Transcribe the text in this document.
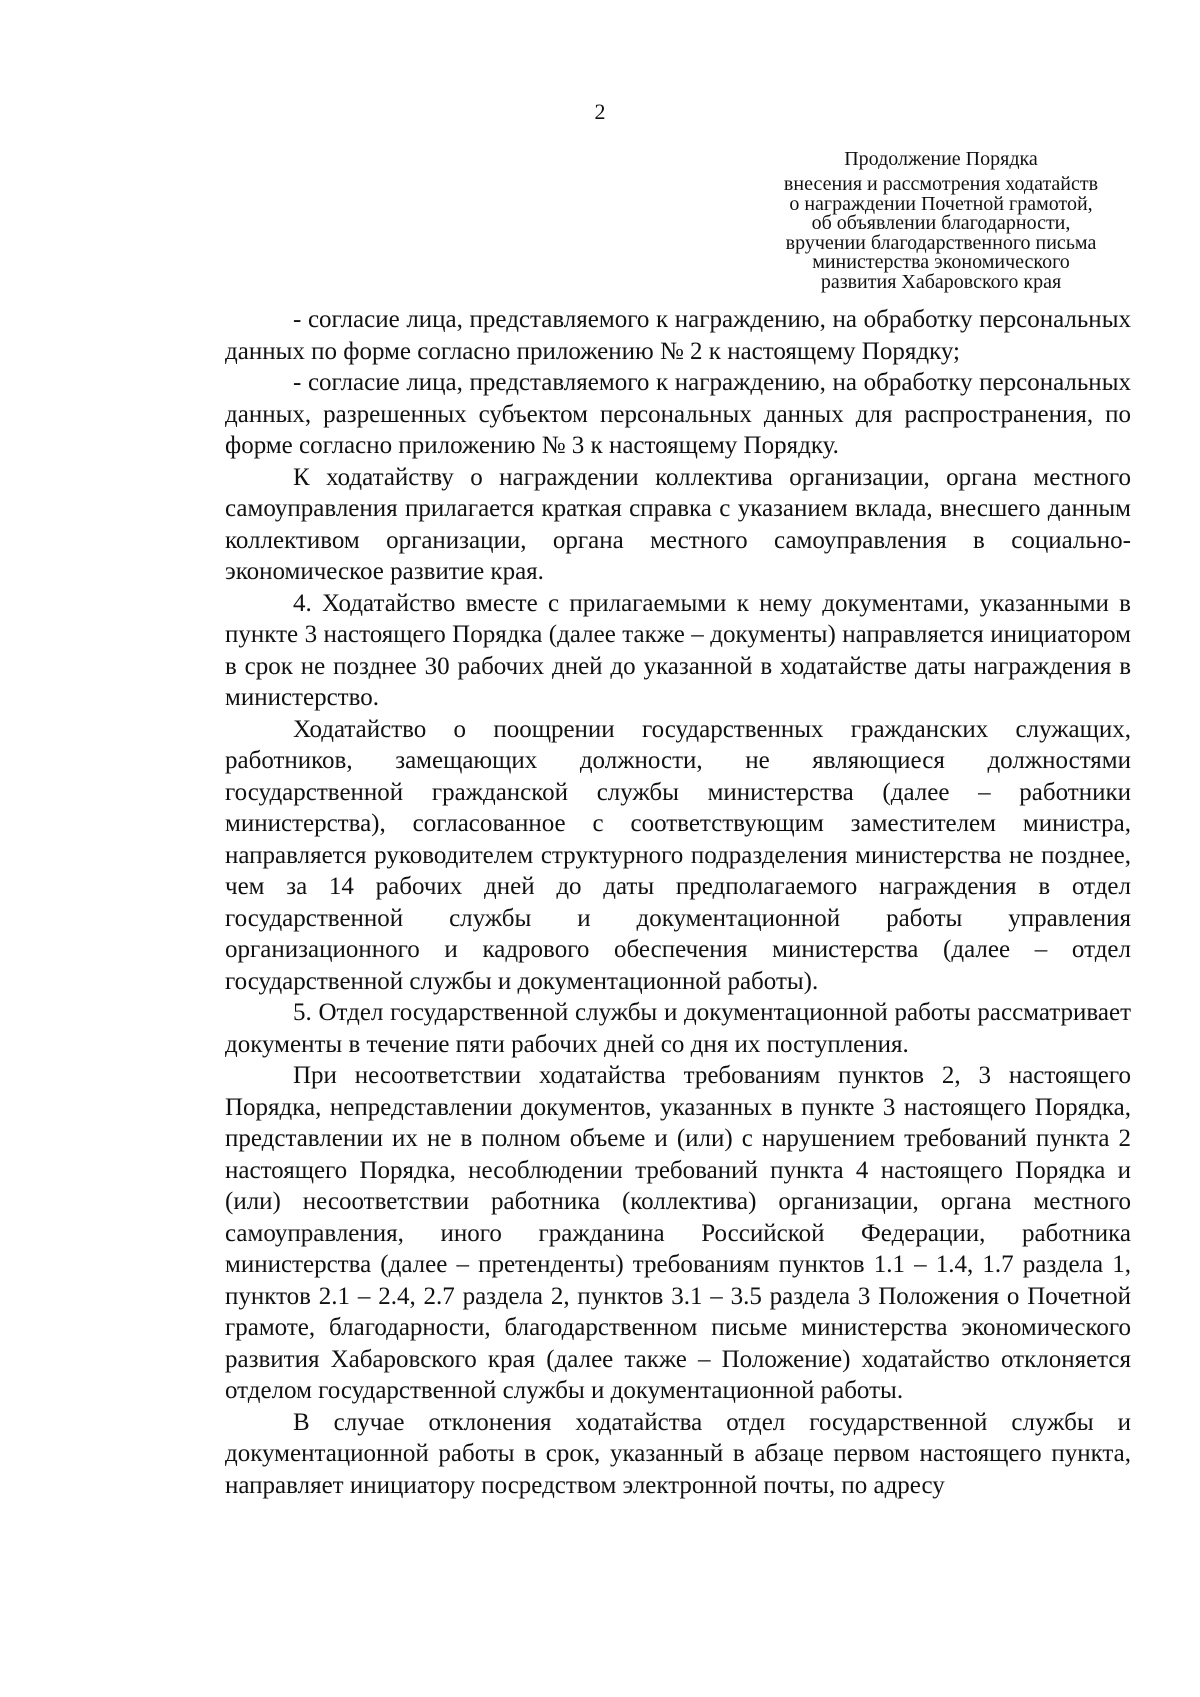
2
Продолжение Порядка
внесения и рассмотрения ходатайств
о награждении Почетной грамотой,
об объявлении благодарности,
вручении благодарственного письма
министерства экономического
развития Хабаровского края

- согласие лица, представляемого к награждению, на обработку персональных данных по форме согласно приложению № 2 к настоящему Порядку;

- согласие лица, представляемого к награждению, на обработку персональных данных, разрешенных субъектом персональных данных для распространения, по форме согласно приложению № 3 к настоящему Порядку.

К ходатайству о награждении коллектива организации, органа местного самоуправления прилагается краткая справка с указанием вклада, внесшего данным коллективом организации, органа местного самоуправления в социально-экономическое развитие края.

4. Ходатайство вместе с прилагаемыми к нему документами, указанными в пункте 3 настоящего Порядка (далее также – документы) направляется инициатором в срок не позднее 30 рабочих дней до указанной в ходатайстве даты награждения в министерство.

Ходатайство о поощрении государственных гражданских служащих, работников, замещающих должности, не являющиеся должностями государственной гражданской службы министерства (далее – работники министерства), согласованное с соответствующим заместителем министра, направляется руководителем структурного подразделения министерства не позднее, чем за 14 рабочих дней до даты предполагаемого награждения в отдел государственной службы и документационной работы управления организационного и кадрового обеспечения министерства (далее – отдел государственной службы и документационной работы).

5. Отдел государственной службы и документационной работы рассматривает документы в течение пяти рабочих дней со дня их поступления.

При несоответствии ходатайства требованиям пунктов 2, 3 настоящего Порядка, непредставлении документов, указанных в пункте 3 настоящего Порядка, представлении их не в полном объеме и (или) с нарушением требований пункта 2 настоящего Порядка, несоблюдении требований пункта 4 настоящего Порядка и (или) несоответствии работника (коллектива) организации, органа местного самоуправления, иного гражданина Российской Федерации, работника министерства (далее – претенденты) требованиям пунктов 1.1 – 1.4, 1.7 раздела 1, пунктов 2.1 – 2.4, 2.7 раздела 2, пунктов 3.1 – 3.5 раздела 3 Положения о Почетной грамоте, благодарности, благодарственном письме министерства экономического развития Хабаровского края (далее также – Положение) ходатайство отклоняется отделом государственной службы и документационной работы.

В случае отклонения ходатайства отдел государственной службы и документационной работы в срок, указанный в абзаце первом настоящего пункта, направляет инициатору посредством электронной почты, по адресу
